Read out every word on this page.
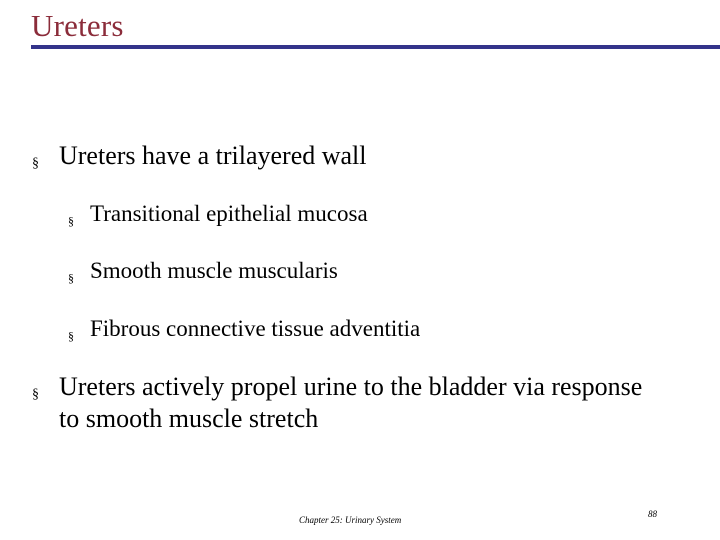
Ureters
§ Ureters have a trilayered wall
§ Transitional epithelial mucosa
§ Smooth muscle muscularis
§ Fibrous connective tissue adventitia
§ Ureters actively propel urine to the bladder via response to smooth muscle stretch
Chapter 25: Urinary System
88
